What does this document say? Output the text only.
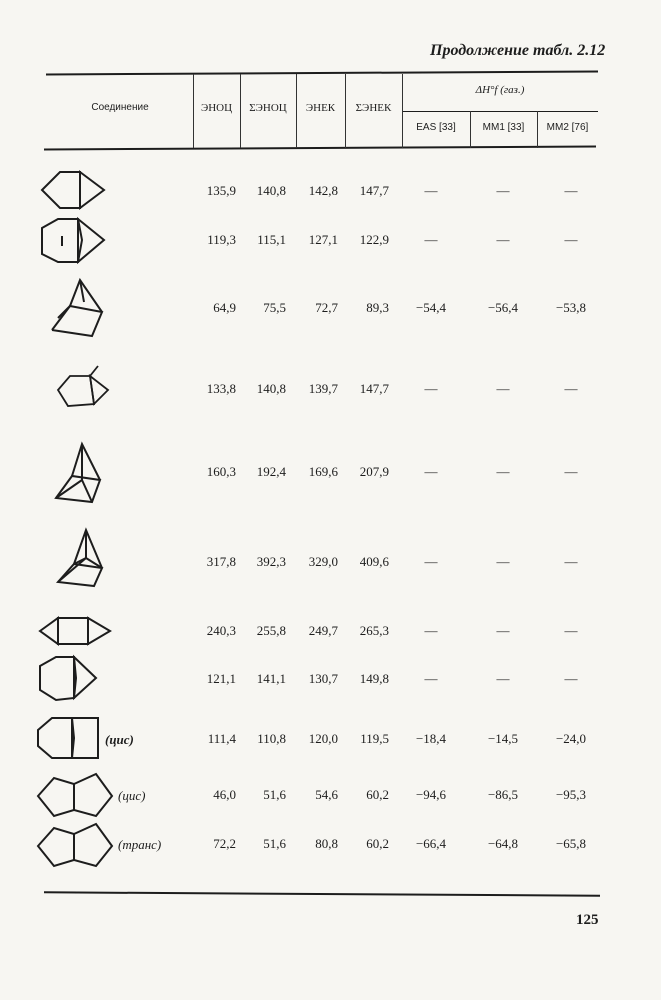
Продолжение табл. 2.12
Соединение	ЭНОЦ	ΣЭНОЦ	ЭНЕК	ΣЭНЕК
ΔH°f (газ.)
EAS [33]	MM1 [33]	MM2 [76]
135,9	140,8	142,8	147,7	—	—	—
119,3	115,1	127,1	122,9	—	—	—
64,9	75,5	72,7	89,3	−54,4	−56,4	−53,8
133,8	140,8	139,7	147,7	—	—	—
160,3	192,4	169,6	207,9	—	—	—
317,8	392,3	329,0	409,6	—	—	—
240,3	255,8	249,7	265,3	—	—	—
121,1	141,1	130,7	149,8	—	—	—
(цис)	111,4	110,8	120,0	119,5	−18,4	−14,5	−24,0
(цис)	46,0	51,6	54,6	60,2	−94,6	−86,5	−95,3
(транс)	72,2	51,6	80,8	60,2	−66,4	−64,8	−65,8
125
